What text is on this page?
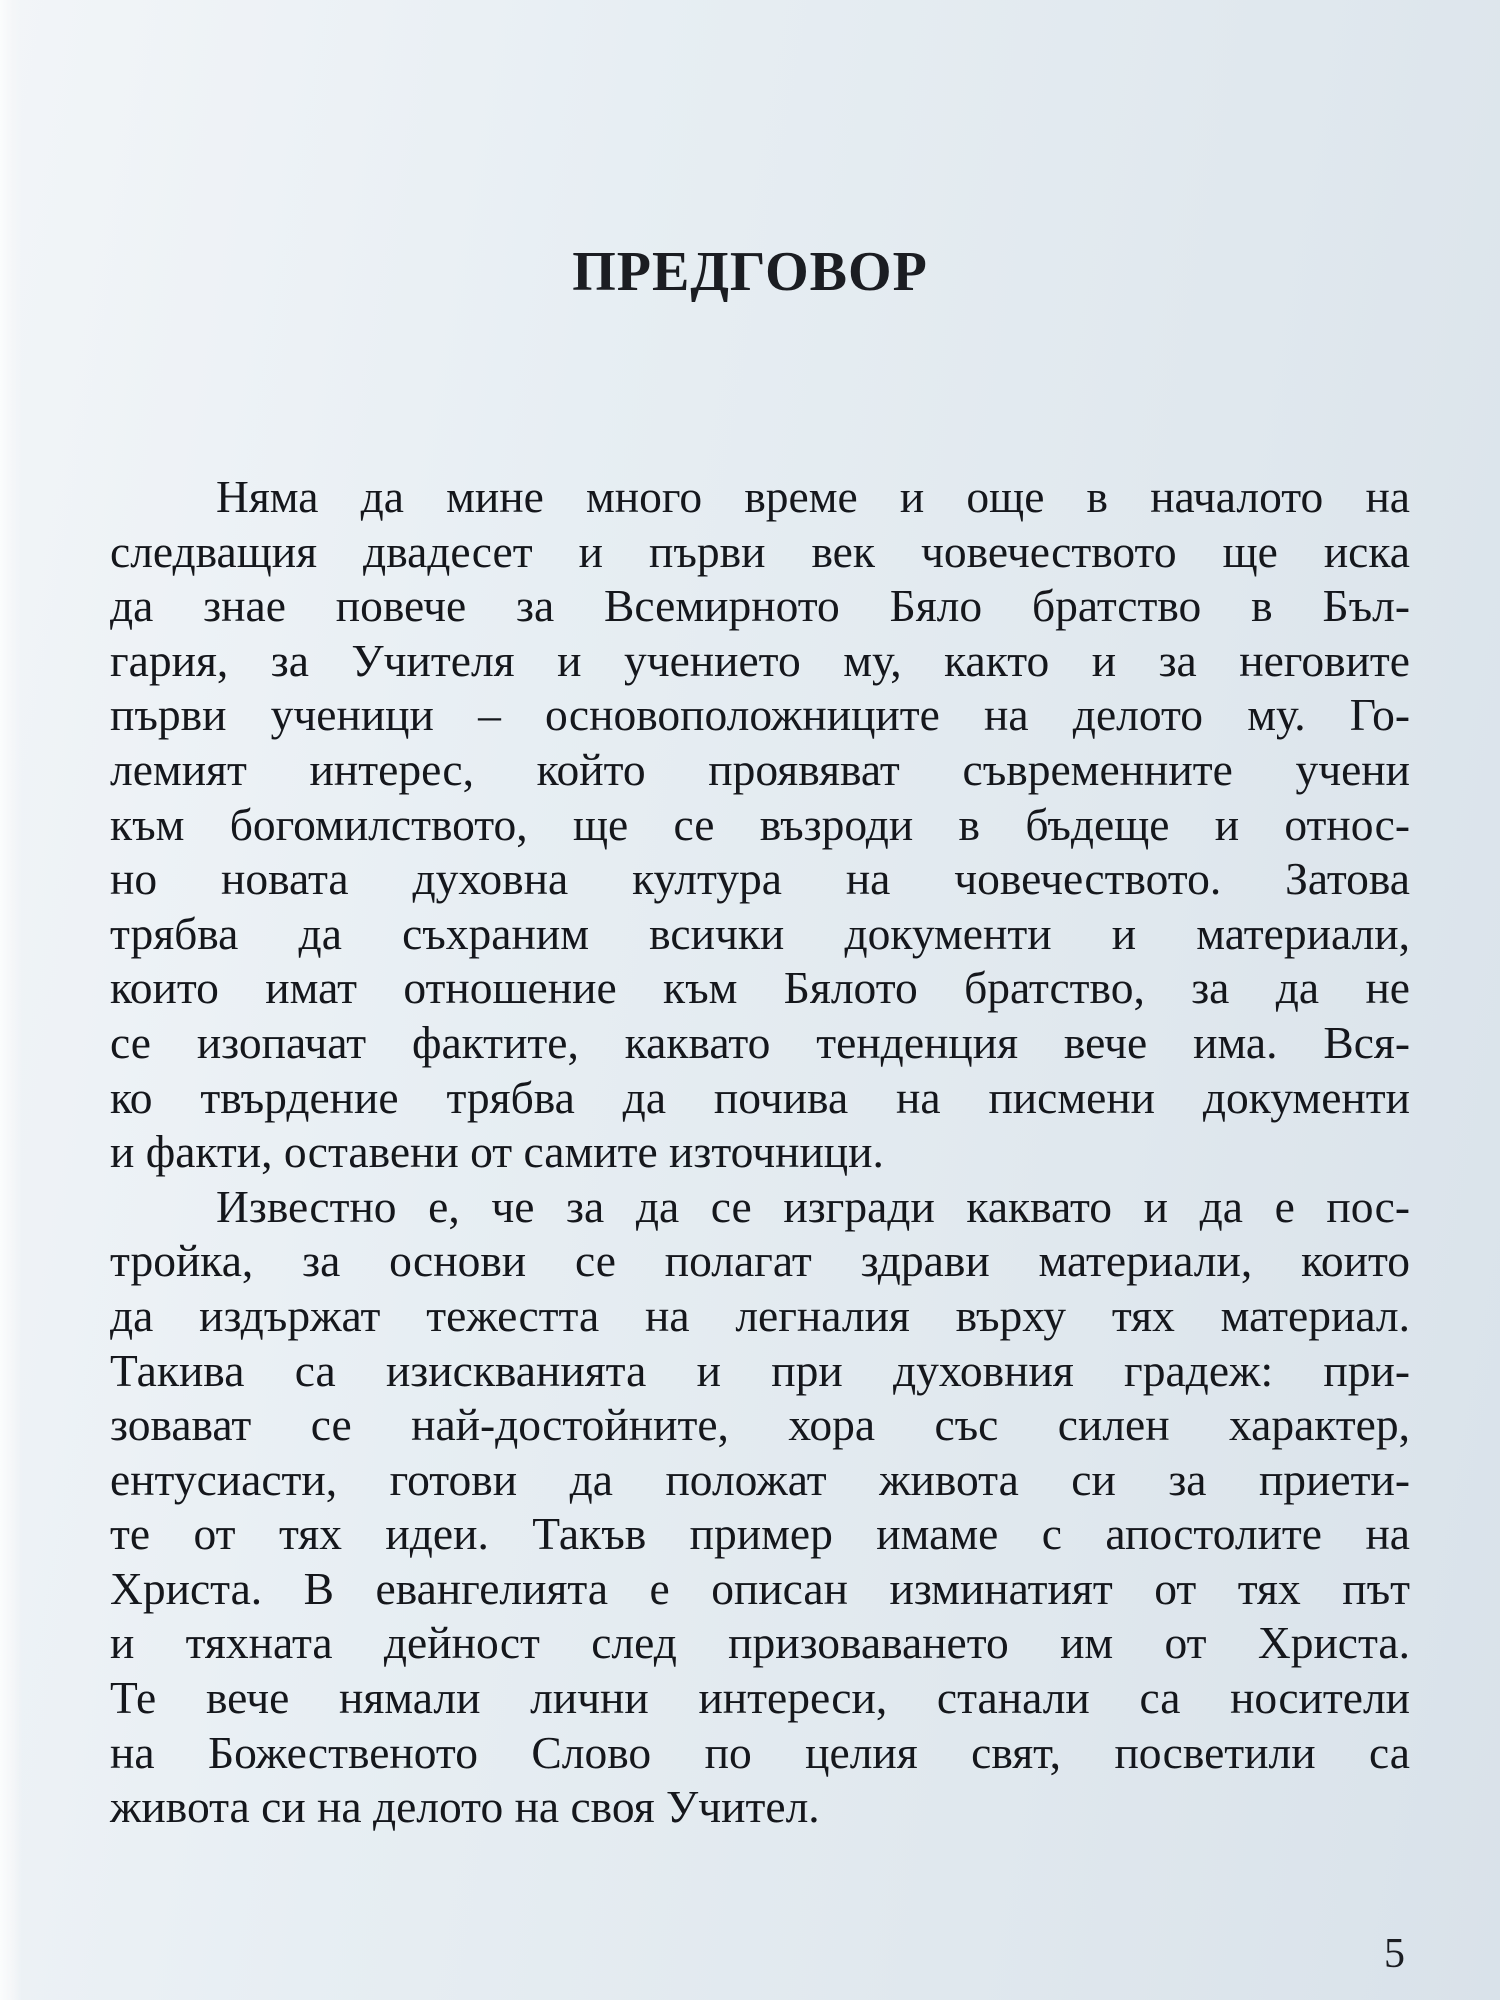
ПРЕДГОВОР
Няма да мине много време и още в началото на
следващия двадесет и първи век човечеството ще иска
да знае повече за Всемирното Бяло братство в Бъл-
гария, за Учителя и учението му, както и за неговите
първи ученици – основоположниците на делото му. Го-
лемият интерес, който проявяват съвременните учени
към богомилството, ще се възроди в бъдеще и относ-
но новата духовна култура на човечеството. Затова
трябва да съхраним всички документи и материали,
които имат отношение към Бялото братство, за да не
се изопачат фактите, каквато тенденция вече има. Вся-
ко твърдение трябва да почива на писмени документи
и факти, оставени от самите източници.
Известно е, че за да се изгради каквато и да е пос-
тройка, за основи се полагат здрави материали, които
да издържат тежестта на легналия върху тях материал.
Такива са изискванията и при духовния градеж: при-
зовават се най-достойните, хора със силен характер,
ентусиасти, готови да положат живота си за приети-
те от тях идеи. Такъв пример имаме с апостолите на
Христа. В евангелията е описан изминатият от тях път
и тяхната дейност след призоваването им от Христа.
Те вече нямали лични интереси, станали са носители
на Божественото Слово по целия свят, посветили са
живота си на делото на своя Учител.
5
